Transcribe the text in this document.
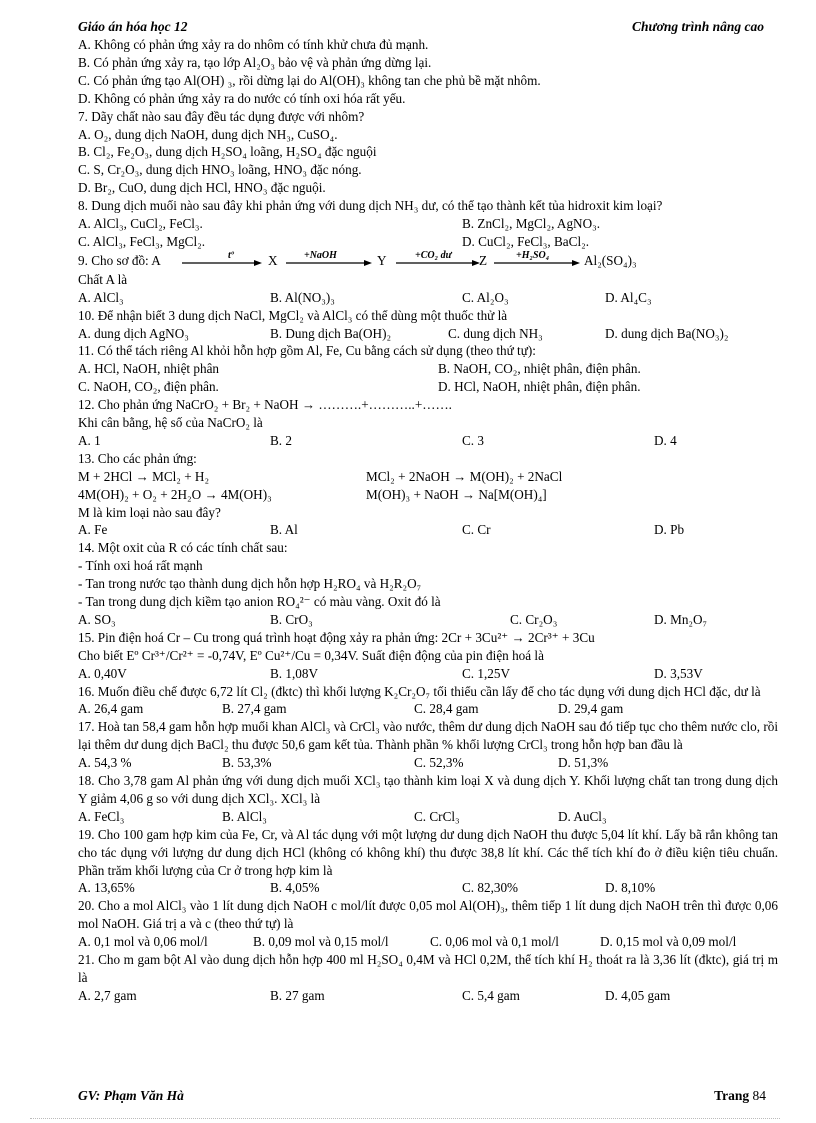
Giáo án hóa học 12	Chương trình nâng cao
A. Không có phản ứng xảy ra do nhôm có tính khử chưa đủ mạnh.
B. Có phản ứng xảy ra, tạo lớp Al₂O₃ bảo vệ và phản ứng dừng lại.
C. Có phản ứng tạo Al(OH) ₃, rồi dừng lại do Al(OH)₃ không tan che phủ bề mặt nhôm.
D. Không có phản ứng xảy ra do nước có tính oxi hóa rất yếu.
7. Dãy chất nào sau đây đều tác dụng được với nhôm?
A. O₂, dung dịch NaOH, dung dịch NH₃, CuSO₄.
B. Cl₂, Fe₂O₃, dung dịch H₂SO₄ loãng, H₂SO₄ đặc nguội
C. S, Cr₂O₃, dung dịch HNO₃ loãng, HNO₃ đặc nóng.
D. Br₂, CuO, dung dịch HCl, HNO₃ đặc nguội.
8. Dung dịch muối nào sau đây khi phản ứng với dung dịch NH₃ dư, có thể tạo thành kết tủa hidroxit kim loại?
A. AlCl₃, CuCl₂, FeCl₃.	B. ZnCl₂, MgCl₂, AgNO₃.
C. AlCl₃, FeCl₃, MgCl₂.	D. CuCl₂, FeCl₃, BaCl₂.
9. Cho sơ đồ: A	tº	X	+NaOH	Y	+CO₂ dư Z	+H₂SO₄	Al₂(SO₄)₃
Chất A là
A. AlCl₃	B. Al(NO₃)₃	C. Al₂O₃	D. Al₄C₃
10. Để nhận biết 3 dung dịch NaCl, MgCl₂ và AlCl₃ có thể dùng một thuốc thử là
A. dung dịch AgNO₃	B. Dung dịch Ba(OH)₂	C. dung dịch NH₃	D. dung dịch Ba(NO₃)₂
11. Có thể tách riêng Al khỏi hỗn hợp gồm Al, Fe, Cu bằng cách sử dụng (theo thứ tự):
A. HCl, NaOH, nhiệt phân	B. NaOH, CO₂, nhiệt phân, điện phân.
C. NaOH, CO₂, điện phân.	D. HCl, NaOH, nhiệt phân, điện phân.
12. Cho phản ứng NaCrO₂ + Br₂ + NaOH → ……….+………..+…….
Khi cân bằng, hệ số của NaCrO₂ là
A. 1	B. 2	C. 3	D. 4
13. Cho các phản ứng:
M + 2HCl → MCl₂ + H₂	MCl₂ + 2NaOH → M(OH)₂ + 2NaCl
4M(OH)₂ + O₂ + 2H₂O → 4M(OH)₃	M(OH)₃ + NaOH → Na[M(OH)₄]
M là kim loại nào sau đây?
A. Fe	B. Al	C. Cr	D. Pb
14. Một oxit của R có các tính chất sau:
- Tính oxi hoá rất mạnh
- Tan trong nước tạo thành dung dịch hỗn hợp H₂RO₄ và H₂R₂O₇
- Tan trong dung dịch kiềm tạo anion RO₄²⁻ có màu vàng. Oxit đó là
A. SO₃	B. CrO₃	C. Cr₂O₃	D. Mn₂O₇
15. Pin điện hoá Cr – Cu trong quá trình hoạt động xảy ra phản ứng: 2Cr + 3Cu²⁺ → 2Cr³⁺ + 3Cu
Cho biết Eº Cr³⁺/Cr²⁺ = -0,74V, Eº Cu²⁺/Cu = 0,34V. Suất điện động của pin điện hoá là
A. 0,40V	B. 1,08V	C. 1,25V	D. 3,53V
16. Muốn điều chế được 6,72 lít Cl₂ (đktc) thì khối lượng K₂Cr₂O₇ tối thiểu cần lấy để cho tác dụng với dung dịch HCl đặc, dư là
A. 26,4 gam	B. 27,4 gam	C. 28,4 gam	D. 29,4 gam
17. Hoà tan 58,4 gam hỗn hợp muối khan AlCl₃ và CrCl₃ vào nước, thêm dư dung dịch NaOH sau đó tiếp tục cho thêm nước clo, rồi lại thêm dư dung dịch BaCl₂ thu được 50,6 gam kết tủa. Thành phần % khối lượng CrCl₃ trong hỗn hợp ban đầu là
A. 54,3 %	B. 53,3%	C. 52,3%	D. 51,3%
18. Cho 3,78 gam Al phản ứng với dung dịch muối XCl₃ tạo thành kim loại X và dung dịch Y. Khối lượng chất tan trong dung dịch Y giảm 4,06 g so với dung dịch XCl₃. XCl₃ là
A. FeCl₃	B. AlCl₃	C. CrCl₃	D. AuCl₃
19. Cho 100 gam hợp kim của Fe, Cr, và Al tác dụng với một lượng dư dung dịch NaOH thu được 5,04 lít khí. Lấy bã rắn không tan cho tác dụng với lượng dư dung dịch HCl (không có không khí) thu được 38,8 lít khí. Các thể tích khí đo ở điều kiện tiêu chuẩn. Phần trăm khối lượng của Cr ở trong hợp kim là
A. 13,65%	B. 4,05%	C. 82,30%	D. 8,10%
20. Cho a mol AlCl₃ vào 1 lít dung dịch NaOH c mol/lít được 0,05 mol Al(OH)₃, thêm tiếp 1 lít dung dịch NaOH trên thì được 0,06 mol NaOH. Giá trị a và c (theo thứ tự) là
A. 0,1 mol và 0,06 mol/l	B. 0,09 mol và 0,15 mol/l	C. 0,06 mol và 0,1 mol/l	D. 0,15 mol và 0,09 mol/l
21. Cho m gam bột Al vào dung dịch hỗn hợp 400 ml H₂SO₄ 0,4M và HCl 0,2M, thể tích khí H₂ thoát ra là 3,36 lít (đktc), giá trị m là
A. 2,7 gam	B. 27 gam	C. 5,4 gam	D. 4,05 gam
GV: Phạm Văn Hà	Trang 84
